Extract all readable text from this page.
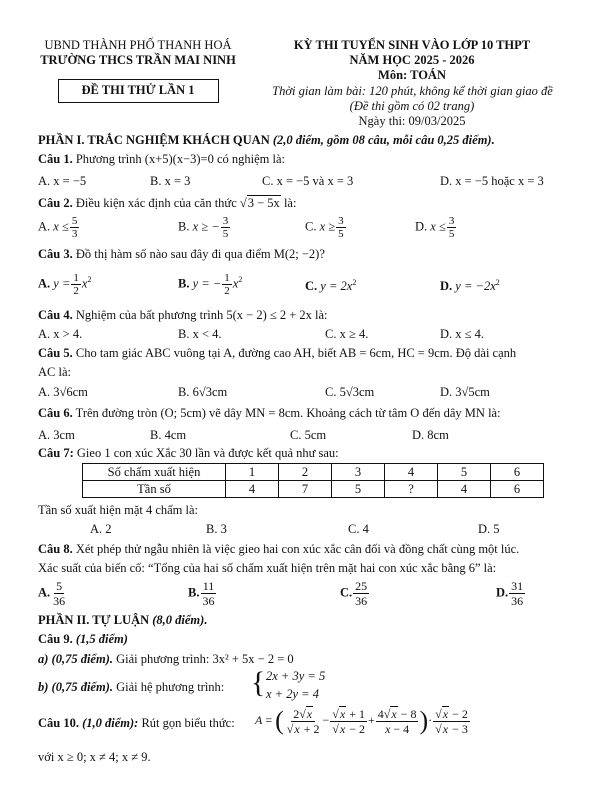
UBND THÀNH PHỐ THANH HOÁ
TRƯỜNG THCS TRẦN MAI NINH
ĐỀ THI THỬ LẦN 1
KỲ THI TUYỂN SINH VÀO LỚP 10 THPT
NĂM HỌC 2025 - 2026
Môn: TOÁN
Thời gian làm bài: 120 phút, không kể thời gian giao đề
(Đề thi gồm có 02 trang)
Ngày thi: 09/03/2025
PHẦN I. TRẮC NGHIỆM KHÁCH QUAN (2,0 điểm, gồm 08 câu, mỗi câu 0,25 điểm).
Câu 1. Phương trình (x+5)(x−3)=0 có nghiệm là:
A. x = −5	B. x = 3	C. x = −5 và x = 3	D. x = −5 hoặc x = 3
Câu 2. Điều kiện xác định của căn thức √3 − 5x là:
A. $x \le \frac{5}{3}$	B. x ≥ − $\frac{3}{5}$	C. $x \ge \frac{3}{5}$	D. $x \le \frac{3}{5}$
Câu 3. Đồ thị hàm số nào sau đây đi qua điểm M(2; −2)?
A. $y = \frac{1}{2} x^2$	B. y = − $\frac{1}{2} x^2$	C. $y = 2x^2$	D. $y = -2x^2$
Câu 4. Nghiệm của bất phương trình 5(x − 2) ≤ 2 + 2x là:
A. x > 4.	B. x < 4.	C. x ≥ 4.	D. x ≤ 4.
Câu 5. Cho tam giác ABC vuông tại A, đường cao AH, biết AB = 6cm, HC = 9cm. Độ dài cạnh
AC là:
A. 3√6cm	B. 6√3cm	C. 5√3cm	D. 3√5cm
Câu 6. Trên đường tròn (O; 5cm) vẽ dây MN = 8cm. Khoảng cách từ tâm O đến dây MN là:
A. 3cm	B. 4cm	C. 5cm	D. 8cm
Câu 7: Gieo 1 con xúc Xắc 30 lần và được kết quả như sau:
Số chấm xuất hiện	1	2	3	4	5	6
Tần số	4	7	5	?	4	6
Tần số xuất hiện mặt 4 chấm là:
A. 2	B. 3	C. 4	D. 5
Câu 8. Xét phép thử ngẫu nhiên là việc gieo hai con xúc xắc cân đối và đồng chất cùng một lúc.
Xác suất của biến cố: “Tổng của hai số chấm xuất hiện trên mặt hai con xúc xắc bằng 6” là:
A. $\frac{5}{36}$	B. $\frac{11}{36}$	C. $\frac{25}{36}$	D. $\frac{31}{36}$
PHẦN II. TỰ LUẬN (8,0 điểm).
Câu 9. (1,5 điểm)
a) (0,75 điểm). Giải phương trình: 3x² + 5x − 2 = 0
b) (0,75 điểm). Giải hệ phương trình: { 2x + 3y = 5
x + 2y = 4
Câu 10. (1,0 điểm): Rút gọn biểu thức: A = ( $\frac{2√x}{√x + 2} - \frac{√x + 1}{√x - 2} + \frac{4√x - 8}{x - 4}$ )· $\frac{√x - 2}{√x - 3}$
với x ≥ 0; x ≠ 4; x ≠ 9.
